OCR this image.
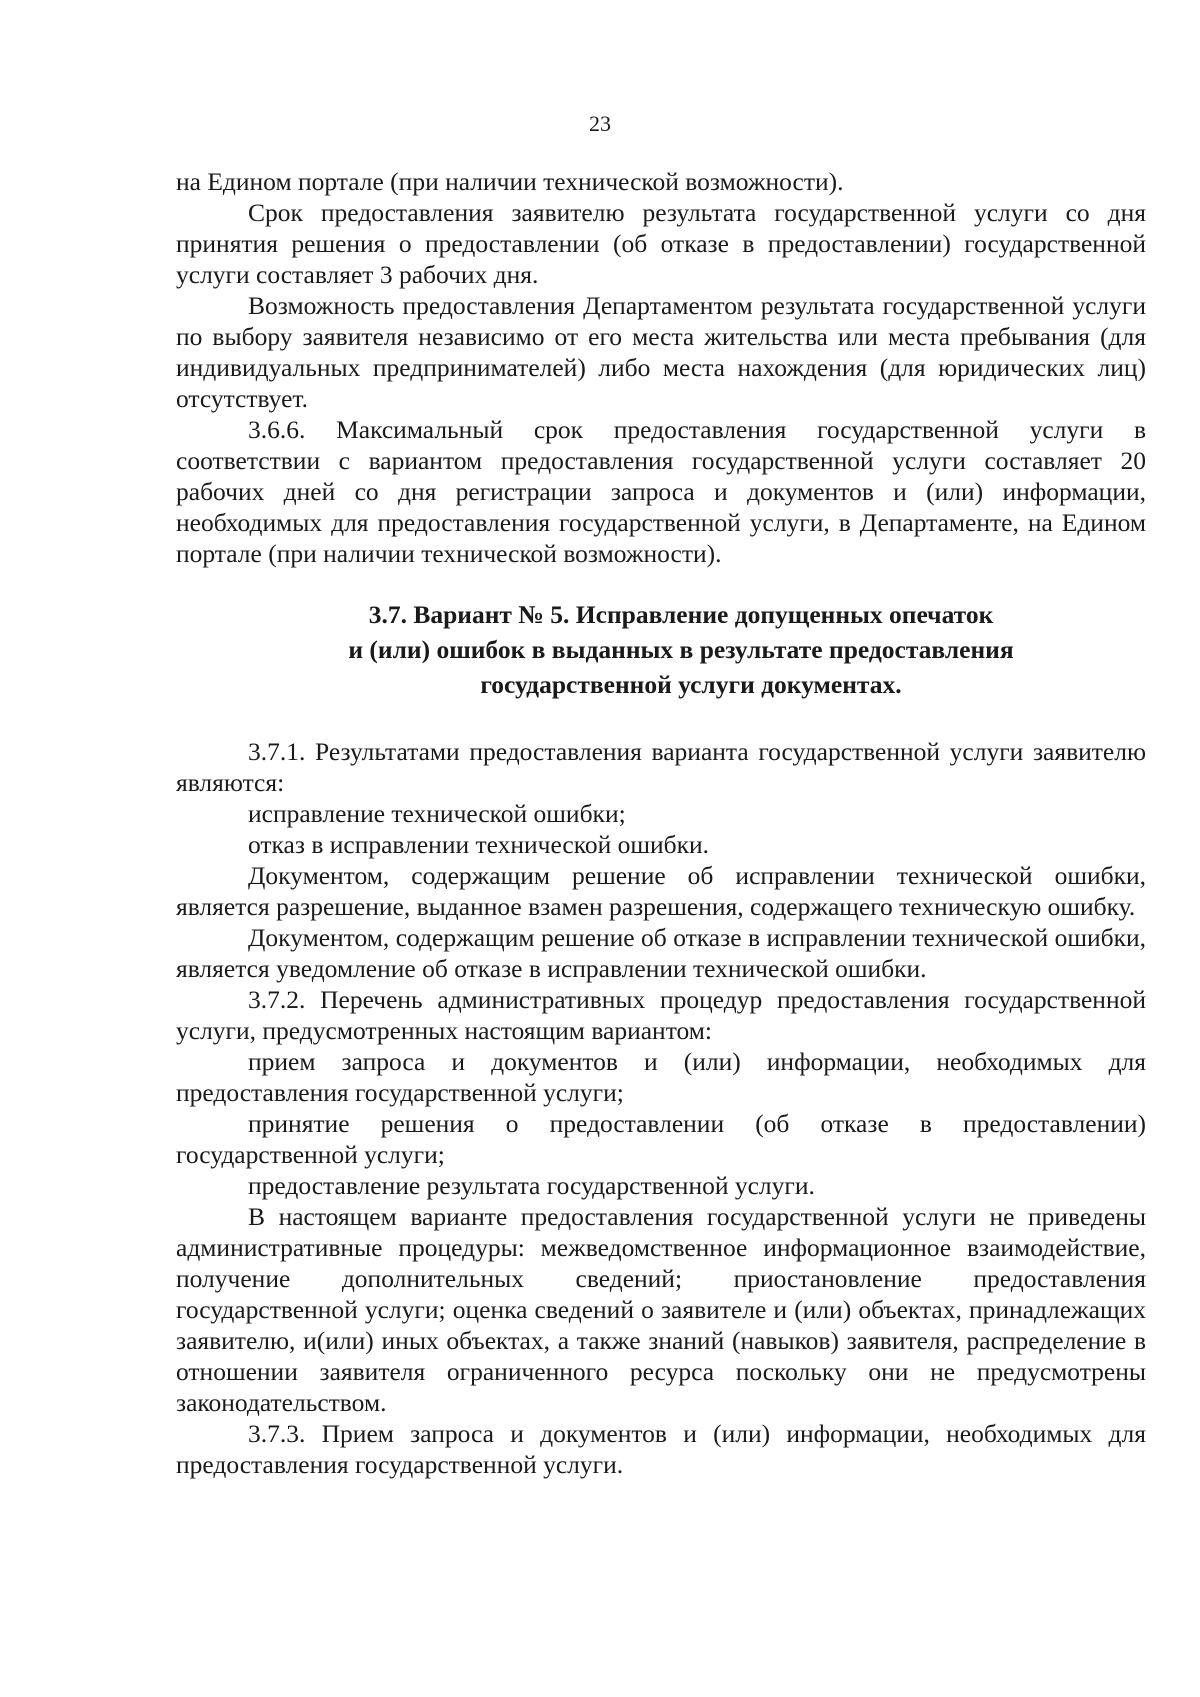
23

на Едином портале (при наличии технической возможности).

Срок предоставления заявителю результата государственной услуги со дня принятия решения о предоставлении (об отказе в предоставлении) государственной услуги составляет 3 рабочих дня.

Возможность предоставления Департаментом результата государственной услуги по выбору заявителя независимо от его места жительства или места пребывания (для индивидуальных предпринимателей) либо места нахождения (для юридических лиц) отсутствует.

3.6.6. Максимальный срок предоставления государственной услуги в соответствии с вариантом предоставления государственной услуги составляет 20 рабочих дней со дня регистрации запроса и документов и (или) информации, необходимых для предоставления государственной услуги, в Департаменте, на Едином портале (при наличии технической возможности).

3.7. Вариант № 5. Исправление допущенных опечаток
и (или) ошибок в выданных в результате предоставления
государственной услуги документах.

3.7.1. Результатами предоставления варианта государственной услуги заявителю являются:

исправление технической ошибки;

отказ в исправлении технической ошибки.

Документом, содержащим решение об исправлении технической ошибки, является разрешение, выданное взамен разрешения, содержащего техническую ошибку.

Документом, содержащим решение об отказе в исправлении технической ошибки, является уведомление об отказе в исправлении технической ошибки.

3.7.2. Перечень административных процедур предоставления государственной услуги, предусмотренных настоящим вариантом:

прием запроса и документов и (или) информации, необходимых для предоставления государственной услуги;

принятие решения о предоставлении (об отказе в предоставлении) государственной услуги;

предоставление результата государственной услуги.

В настоящем варианте предоставления государственной услуги не приведены административные процедуры: межведомственное информационное взаимодействие, получение дополнительных сведений; приостановление предоставления государственной услуги; оценка сведений о заявителе и (или) объектах, принадлежащих заявителю, и(или) иных объектах, а также знаний (навыков) заявителя, распределение в отношении заявителя ограниченного ресурса поскольку они не предусмотрены законодательством.

3.7.3. Прием запроса и документов и (или) информации, необходимых для предоставления государственной услуги.
